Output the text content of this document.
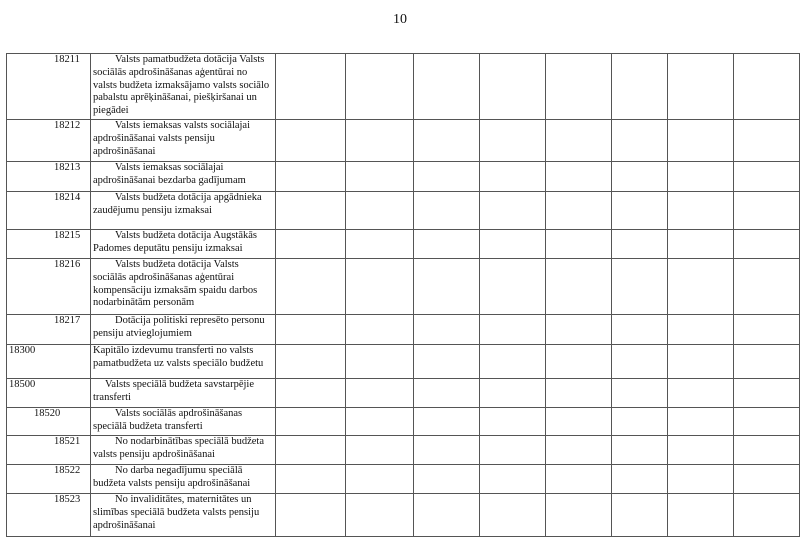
10
18211	Valsts pamatbudžeta dotācija Valsts sociālās apdrošināšanas aģentūrai no valsts budžeta izmaksājamo valsts sociālo pabalstu aprēķināšanai, piešķiršanai un piegādei									
18212	Valsts iemaksas valsts sociālajai apdrošināšanai valsts pensiju apdrošināšanai									
18213	Valsts iemaksas sociālajai apdrošināšanai bezdarba gadījumam									
18214	Valsts budžeta dotācija apgādnieka zaudējumu pensiju izmaksai									
18215	Valsts budžeta dotācija Augstākās Padomes deputātu pensiju izmaksai									
18216	Valsts budžeta dotācija Valsts sociālās apdrošināšanas aģentūrai kompensāciju izmaksām spaidu darbos nodarbinātām personām									
18217	Dotācija politiski represēto personu pensiju atvieglojumiem									
18300	Kapitālo izdevumu transferti no valsts pamatbudžeta uz valsts speciālo budžetu									
18500	Valsts speciālā budžeta savstarpējie transferti									
18520	Valsts sociālās apdrošināšanas speciālā budžeta transferti									
18521	No nodarbinātības speciālā budžeta valsts pensiju apdrošināšanai									
18522	No darba negadījumu speciālā budžeta valsts pensiju apdrošināšanai									
18523	No invaliditātes, maternitātes un slimības speciālā budžeta valsts pensiju apdrošināšanai									
